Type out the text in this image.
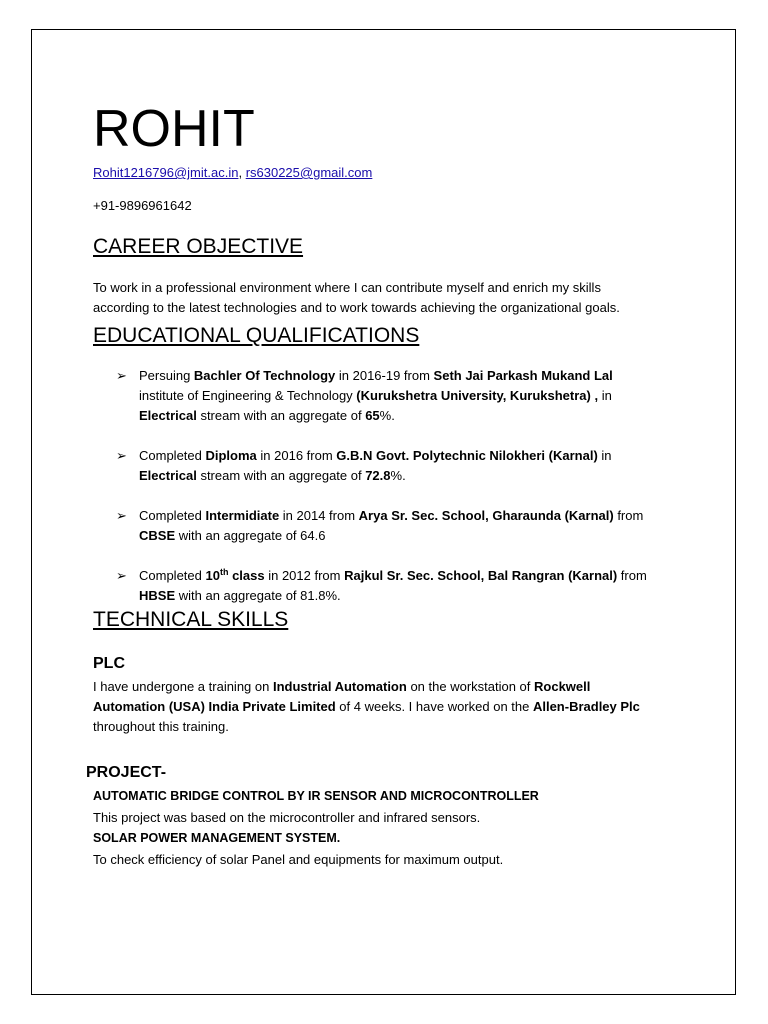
ROHIT
Rohit1216796@jmit.ac.in, rs630225@gmail.com
+91-9896961642
CAREER OBJECTIVE
To work in a professional environment where I can contribute myself and enrich my skills
according to the latest technologies and to work towards achieving the organizational goals.
EDUCATIONAL QUALIFICATIONS
➢ Persuing Bachler Of Technology in 2016-19 from Seth Jai Parkash Mukand Lal
institute of Engineering & Technology (Kurukshetra University, Kurukshetra) , in
Electrical stream with an aggregate of 65%.
➢ Completed Diploma in 2016 from G.B.N Govt. Polytechnic Nilokheri (Karnal) in
Electrical stream with an aggregate of 72.8%.
➢ Completed Intermidiate in 2014 from Arya Sr. Sec. School, Gharaunda (Karnal) from
CBSE with an aggregate of 64.6
➢ Completed 10th class in 2012 from Rajkul Sr. Sec. School, Bal Rangran (Karnal) from
HBSE with an aggregate of 81.8%.
TECHNICAL SKILLS
PLC
I have undergone a training on Industrial Automation on the workstation of Rockwell
Automation (USA) India Private Limited of 4 weeks. I have worked on the Allen-Bradley Plc
throughout this training.
PROJECT-
AUTOMATIC BRIDGE CONTROL BY IR SENSOR AND MICROCONTROLLER
This project was based on the microcontroller and infrared sensors.
SOLAR POWER MANAGEMENT SYSTEM.
To check efficiency of solar Panel and equipments for maximum output.
